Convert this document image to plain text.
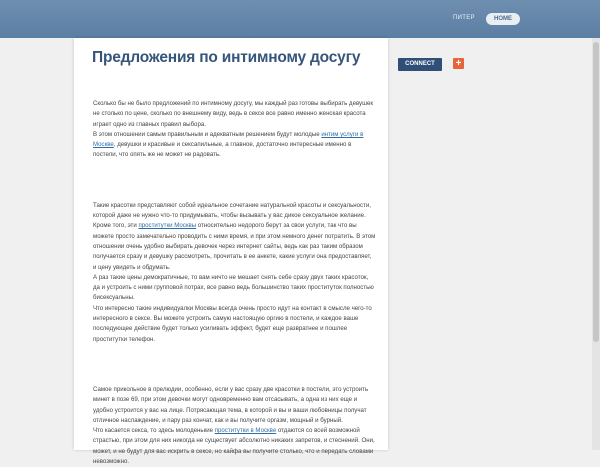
ПИТЕР	HOME
Предложения по интимному досугу

Сколько бы не было предложений по интимному досугу, мы каждый раз готовы выбирать девушек не столько по цене, сколько по внешнему виду, ведь в сексе все равно именно женская красота играет одно из главных правил выбора.
В этом отношении самым правильным и адекватным решением будут молодые интим услуги в Москве, девушки и красивые и сексапильные, а главное, достаточно интересные именно в постели, что опять же не может не радовать.

Такие красотки представляют собой идеальное сочетание натуральной красоты и сексуальности, которой даже не нужно что-то придумывать, чтобы вызывать у вас дикое сексуальное желание.
Кроме того, эти проститутки Москвы относительно недорого берут за свои услуги, так что вы можете просто замечательно проводить с ними время, и при этом немного денег потратить. В этом отношении очень удобно выбирать девочек через интернет сайты, ведь как раз таким образом получается сразу и девушку рассмотреть, прочитать в ее анкете, какие услуги она предоставляет, и цену увидеть и обдумать.
А раз такие цены демократичные, то вам ничто не мешает снять себе сразу двух таких красоток, да и устроить с ними групповой потрах, все равно ведь большинство таких проституток полностью бисексуальны.
Что интересно такие индивидуалки Москвы всегда очень просто идут на контакт в смысле чего-то интересного в сексе. Вы можете устроить самую настоящую оргию в постели, и каждое ваше последующее действие будет только усиливать эффект, будет еще развратнее и пошлее проститутки телефон.

Самое прикольное в прелюдии, особенно, если у вас сразу две красотки в постели, это устроить минет в позе 69, при этом девочки могут одновременно вам отсасывать, а одна из них еще и удобно устроится у вас на лице. Потрясающая тема, в которой и вы и ваши любовницы получат отличное наслаждение, и пару раз кончат, как и вы получите оргазм, мощный и бурный.
Что касается секса, то здесь молоденькие проститутки в Москве отдаются со всей возможной страстью, при этом для них никогда не существует абсолютно никаких запретов, и стеснений. Они, может, и не будут для вас искрить в сексе, но кайфа вы получите столько, что и передать словами невозможно.

CONNECT	+
